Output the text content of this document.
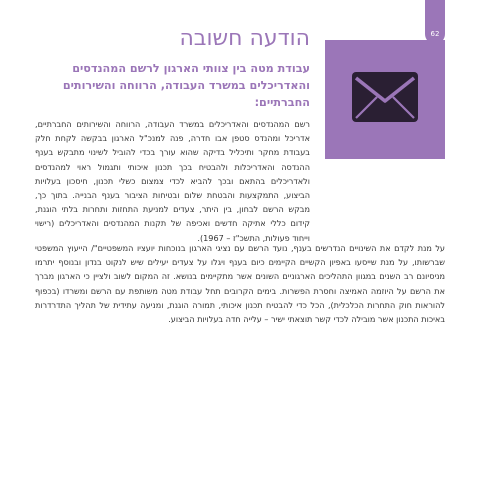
62
הודעה חשובה

עבודת מטה בין צוותי הארגון לרשם המהנדסים והאדריכלים במשרד העבודה, הרווחה והשירותים החברתיים:

רשם המהנדסים והאדריכלים במשרד העבודה, הרווחה והשירותים החברתיים, אדריכל ומהנדס סטפן אבו חדרה, פנה למנכ"ל הארגון בבקשה לקחת חלק בעבודת מחקר ותיכליל בדיקה שהוא עורך בכדי להוביל לשינוי מתבקש בענף ההנדסה והאדריכלות ולהבטיח בכך תכנון איכותי ותגמול ראוי למהנדסים ולאדריכלים בהתאם ובכך להביא לכדי צמצום כשלי תכנון, חיסכון בעלויות הביצוע, התמקצעות והבטחת שלום ובטיחות הציבור בענף הבנייה. בתוך כך, מבקש הרשם לבחון, בין היתר, צעדים למניעת התחזות ותחרות בלתי הוגנת, קידום כללי אתיקה חדשים ואכיפה של תקנות המהנדסים והאדריכלים (רישוי וייחוד פעולות, התשכ"ז – 1967).

על מנת לקדם את השינויים הנדרשים בענף, נועד הרשם עם נציגי הארגון בנוכחות יועציו המשפטיים"/ הייעוץ המשפטי שברשותו, על מנת שייסעו באפיון הקשיים הקיימים כיום בענף ויגלו על צעדים יעילים שיש לנקוט בנדון ובנוסף יתרמו מניסיונם רב השנים במגוון התהליכים הארגוניים השונים אשר מתקיימים בנושא. זה המקום לשוב ולציין כי הארגון מברך את הרשם על היוזמה האמיצה וחסרת הפשרות. בימים הקרובים תחל עבודת מטה משותפת עם הרשם ומשרדו (בכפוף להוראות חוק התחרות הכלכלית), הכל כדי להבטיח תכנון איכותי, תמורה הוגנת, ומניעה עתידית של תהליך התדרדרות באיכות התכנון אשר מובילה לכדי קשר תוצאתי ישיר – עלייה חדה בעלויות הביצוע.
